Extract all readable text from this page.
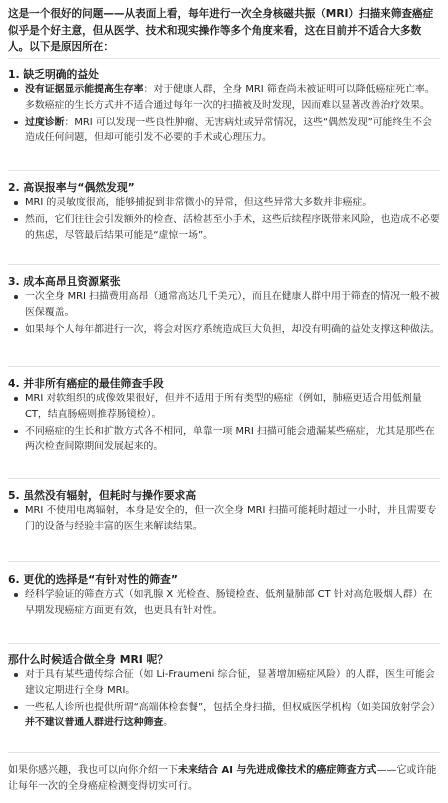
这是一个很好的问题——从表面上看，每年进行一次全身核磁共振（MRI）扫描来筛查癌症似乎是个好主意，但从医学、技术和现实操作等多个角度来看，这在目前并不适合大多数人。以下是原因所在：

1. 缺乏明确的益处
没有证据显示能提高生存率：对于健康人群，全身 MRI 筛查尚未被证明可以降低癌症死亡率。多数癌症的生长方式并不适合通过每年一次的扫描被及时发现，因而难以显著改善治疗效果。
过度诊断：MRI 可以发现一些良性肿瘤、无害病灶或异常情况，这些“偶然发现”可能终生不会造成任何问题，但却可能引发不必要的手术或心理压力。
2. 高误报率与“偶然发现”
MRI 的灵敏度很高，能够捕捉到非常微小的异常，但这些异常大多数并非癌症。
然而，它们往往会引发额外的检查、活检甚至小手术，这些后续程序既带来风险，也造成不必要的焦虑，尽管最后结果可能是“虚惊一场”。
3. 成本高昂且资源紧张
一次全身 MRI 扫描费用高昂（通常高达几千美元），而且在健康人群中用于筛查的情况一般不被医保覆盖。
如果每个人每年都进行一次，将会对医疗系统造成巨大负担，却没有明确的益处支撑这种做法。
4. 并非所有癌症的最佳筛查手段
MRI 对软组织的成像效果很好，但并不适用于所有类型的癌症（例如，肺癌更适合用低剂量 CT，结直肠癌则推荐肠镜检）。
不同癌症的生长和扩散方式各不相同，单靠一项 MRI 扫描可能会遗漏某些癌症，尤其是那些在两次检查间隙期间发展起来的。
5. 虽然没有辐射，但耗时与操作要求高
MRI 不使用电离辐射，本身是安全的，但一次全身 MRI 扫描可能耗时超过一小时，并且需要专门的设备与经验丰富的医生来解读结果。
6. 更优的选择是“有针对性的筛查”
经科学验证的筛查方式（如乳腺 X 光检查、肠镜检查、低剂量肺部 CT 针对高危吸烟人群）在早期发现癌症方面更有效，也更具有针对性。
那什么时候适合做全身 MRI 呢？
对于具有某些遗传综合征（如 Li-Fraumeni 综合征，显著增加癌症风险）的人群，医生可能会建议定期进行全身 MRI。
一些私人诊所也提供所谓“高端体检套餐”，包括全身扫描，但权威医学机构（如美国放射学会）并不建议普通人群进行这种筛查。

如果你感兴趣，我也可以向你介绍一下未来结合 AI 与先进成像技术的癌症筛查方式——它或许能让每年一次的全身癌症检测变得切实可行。
